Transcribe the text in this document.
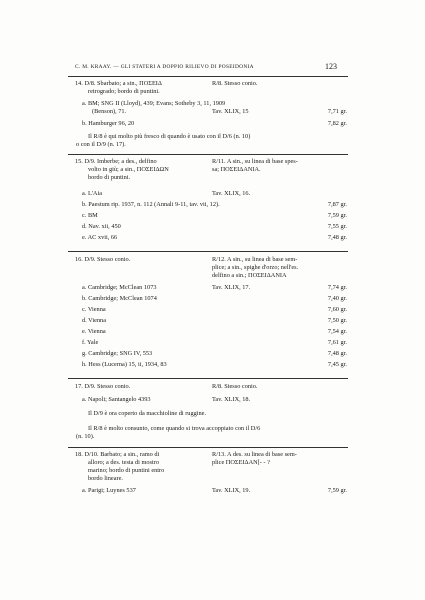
C. M. KRAAY. — GLI STATERI A DOPPIO RILIEVO DI POSEIDONIA	123
14. D/8. Sbarbato; a sin., ΠΟΣΕΙΔ
retrogrado; bordo di puntini.
R/8. Stesso conio.
a. BM; SNG II (Lloyd), 439; Evans; Sotheby 3, 11, 1909
(Benson), 71.	Tav. XLIX, 15	7,71 gr.
b. Hamburger 96, 20	7,82 gr.
Il R/8 è qui molto più fresco di quando è usato con il D/6 (n. 10)
o con il D/9 (n. 17).
15. D/9. Imberbe; a des., delfino
volto in giù; a sin., ΠΟΣΕΙΔΩΝ
bordo di puntini.
R/11. A sin., su linea di base spes-
sa; ΠΟΣΕΙΔΑΝΙΑ.
a. L'Aia	Tav. XLIX, 16.
b. Paestum rip. 1937, n. 112 (Annali 9-11, tav. vii, 12).	7,87 gr.
c. BM	7,59 gr.
d. Nav. xii, 450	7,55 gr.
e. AC xvii, 66	7,48 gr.
16. D/9. Stesso conio.	R/12. A sin., su linea di base sem-
plice; a sin., spighe d'orzo; nell'es.
delfino a sin.; ΠΟΣΕΙΔΑΝΙΑ
a. Cambridge; McClean 1073	Tav. XLIX, 17.	7,74 gr.
b. Cambridge; McClean 1074	7,40 gr.
c. Vienna	7,60 gr.
d. Vienna	7,50 gr.
e. Vienna	7,54 gr.
f. Yale	7,61 gr.
g. Cambridge; SNG IV, 553	7,48 gr.
h. Hess (Lucerna) 15, ii, 1934, 83	7,45 gr.
17. D/9. Stesso conio.	R/8. Stesso conio.
a. Napoli; Santangelo 4393	Tav. XLIX, 18.
Il D/9 è ora coperto da macchioline di ruggine.
Il R/8 è molto consunto, come quando si trova accoppiato con il D/6
(n. 10).
18. D/10. Barbato; a sin., ramo di
alloro; a des. testa di mostro
marino; bordo di puntini entro
bordo lineare.
R/13. A des. su linea di base sem-
plice ΠΟΣΕΙΔΑΝ[- - ?
a. Parigi; Luynes 537	Tav. XLIX, 19.	7,59 gr.
